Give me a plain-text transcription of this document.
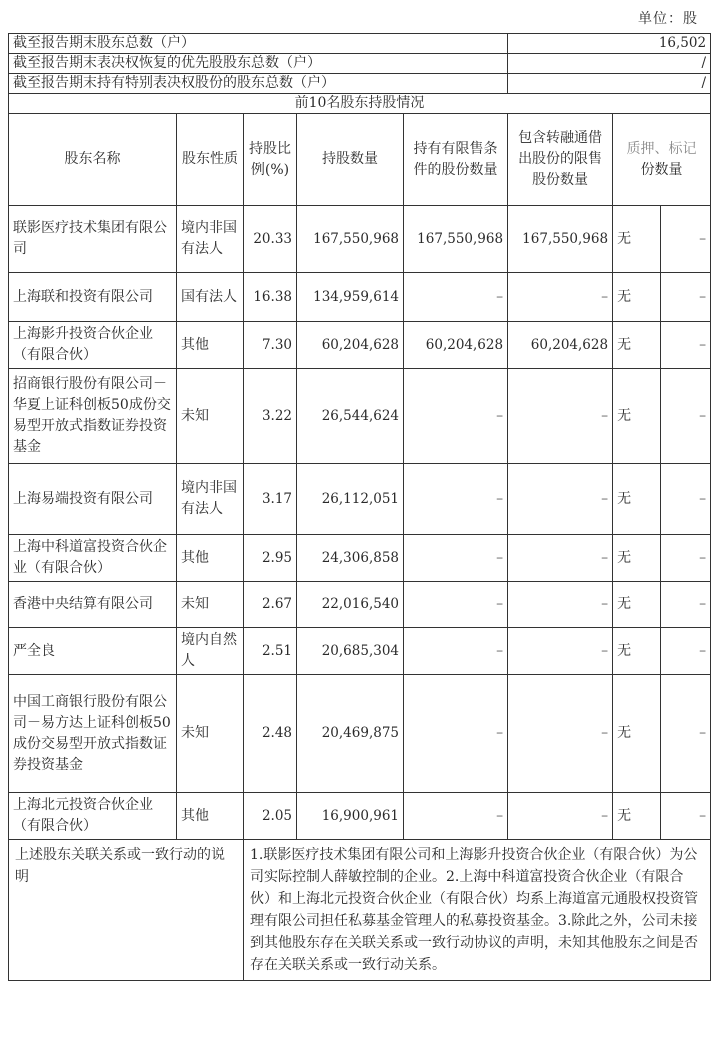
单位：股
截至报告期末股东总数（户）					16,502		
截至报告期末表决权恢复的优先股股东总数（户）					/		
截至报告期末持有特别表决权股份的股东总数（户）					/		
前10名股东持股情况							
股东名称	股东性质	持股比例(%)	持股数量	持有有限售条件的股份数量	包含转融通借出股份的限售股份数量	质押、标记
份数量	

联影医疗技术集团有限公司	境内非国有法人	20.33	167,550,968	167,550,968	167,550,968	无	–
上海联和投资有限公司	国有法人	16.38	134,959,614	–	–	无	–
上海影升投资合伙企业（有限合伙）	其他	7.30	60,204,628	60,204,628	60,204,628	无	–
招商银行股份有限公司－华夏上证科创板50成份交易型开放式指数证券投资基金	未知	3.22	26,544,624	–	–	无	–
上海易端投资有限公司	境内非国有法人	3.17	26,112,051	–	–	无	–
上海中科道富投资合伙企业（有限合伙）	其他	2.95	24,306,858	–	–	无	–
香港中央结算有限公司	未知	2.67	22,016,540	–	–	无	–
严全良	境内自然人	2.51	20,685,304	–	–	无	–
中国工商银行股份有限公司－易方达上证科创板50成份交易型开放式指数证券投资基金	未知	2.48	20,469,875	–	–	无	–
上海北元投资合伙企业（有限合伙）	其他	2.05	16,900,961	–	–	无	–
上述股东关联关系或一致行动的说明		1.联影医疗技术集团有限公司和上海影升投资合伙企业（有限合伙）为公司实际控制人薛敏控制的企业。2.上海中科道富投资合伙企业（有限合伙）和上海北元投资合伙企业（有限合伙）均系上海道富元通股权投资管理有限公司担任私募基金管理人的私募投资基金。3.除此之外，公司未接到其他股东存在关联关系或一致行动协议的声明，未知其他股东之间是否存在关联关系或一致行动关系。					
